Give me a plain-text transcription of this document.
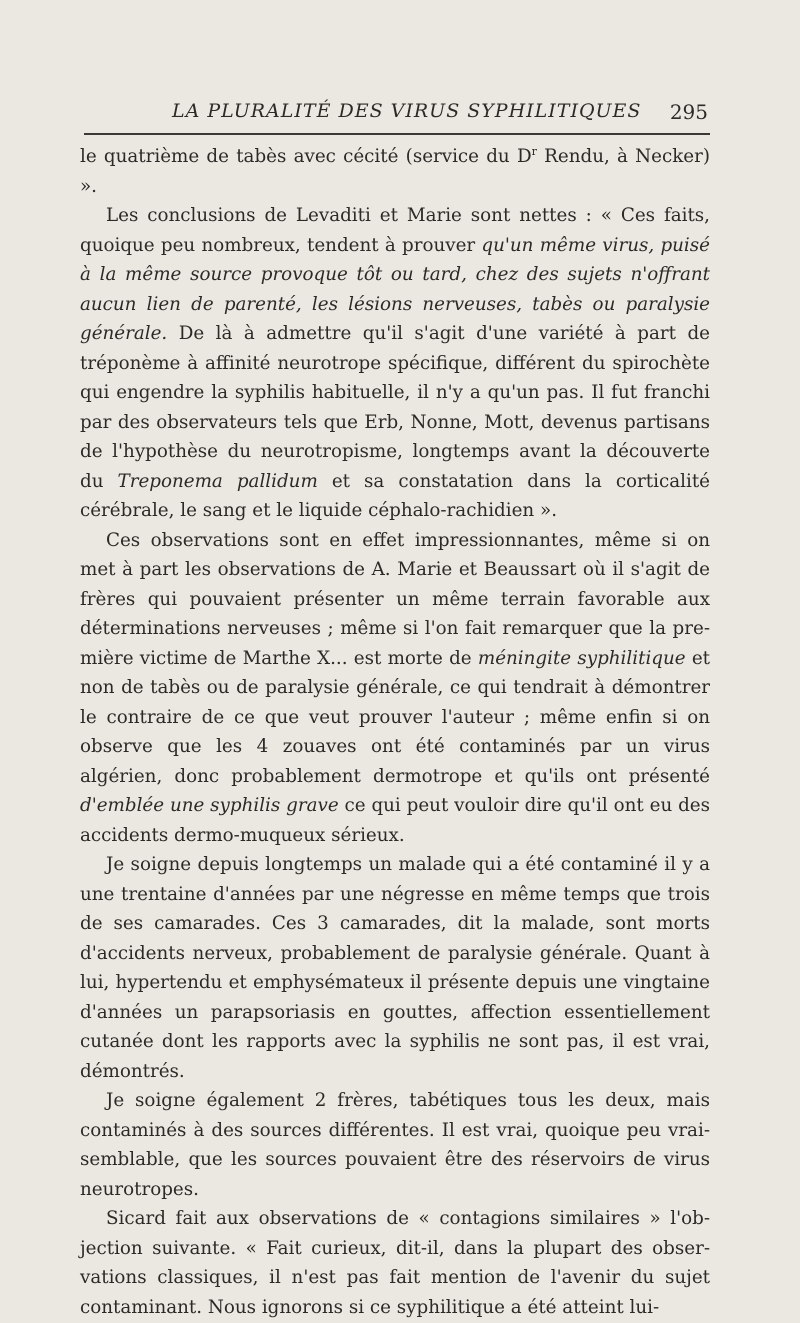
LA PLURALITÉ DES VIRUS SYPHILITIQUES 295

le quatrième de tabès avec cécité (service du $D^r$ Rendu, à Necker) ».

Les conclusions de Levaditi et Marie sont nettes : « Ces faits, quoique peu nombreux, tendent à prouver qu'un même virus, puisé à la même source provoque tôt ou tard, chez des sujets n'offrant aucun lien de parenté, les lésions nerveuses, tabès ou paralysie générale. De là à admettre qu'il s'agit d'une variété à part de tréponème à affinité neurotrope spécifique, différent du spirochète qui engendre la syphilis habituelle, il n'y a qu'un pas. Il fut franchi par des observateurs tels que Erb, Nonne, Mott, devenus partisans de l'hypothèse du neurotropisme, longtemps avant la découverte du Treponema pallidum et sa constatation dans la corticalité cérébrale, le sang et le liquide céphalo-rachidien ».

Ces observations sont en effet impressionnantes, même si on met à part les observations de A. Marie et Beaussart où il s'agit de frères qui pouvaient présenter un même terrain favorable aux déterminations nerveuses ; même si l'on fait remarquer que la première victime de Marthe X... est morte de méningite syphilitique et non de tabès ou de paralysie générale, ce qui tendrait à démontrer le contraire de ce que veut prouver l'auteur ; même enfin si on observe que les 4 zouaves ont été contaminés par un virus algérien, donc probablement dermotrope et qu'ils ont présenté d'emblée une syphilis grave ce qui peut vouloir dire qu'il ont eu des accidents dermo-muqueux sérieux.

Je soigne depuis longtemps un malade qui a été contaminé il y a une trentaine d'années par une négresse en même temps que trois de ses camarades. Ces 3 camarades, dit la malade, sont morts d'accidents nerveux, probablement de paralysie générale. Quant à lui, hypertendu et emphysémateux il présente depuis une vingtaine d'années un parapsoriasis en gouttes, affection essentiellement cutanée dont les rapports avec la syphilis ne sont pas, il est vrai, démontrés.

Je soigne également 2 frères, tabétiques tous les deux, mais contaminés à des sources différentes. Il est vrai, quoique peu vraisemblable, que les sources pouvaient être des réservoirs de virus neurotropes.

Sicard fait aux observations de « contagions similaires » l'objection suivante. « Fait curieux, dit-il, dans la plupart des observations classiques, il n'est pas fait mention de l'avenir du sujet contaminant. Nous ignorons si ce syphilitique a été atteint lui-
